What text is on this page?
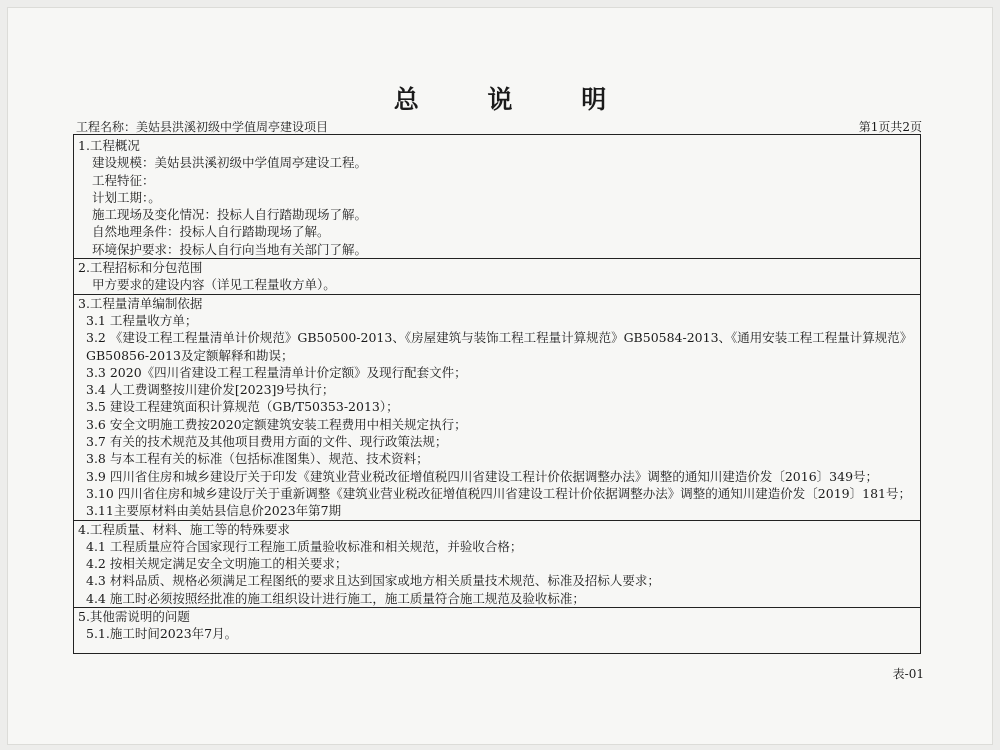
总 说 明
工程名称：美姑县洪溪初级中学值周亭建设项目	第1页共2页
1.工程概况
建设规模：美姑县洪溪初级中学值周亭建设工程。
工程特征：
计划工期：。
施工现场及变化情况：投标人自行踏勘现场了解。
自然地理条件：投标人自行踏勘现场了解。
环境保护要求：投标人自行向当地有关部门了解。
2.工程招标和分包范围
甲方要求的建设内容（详见工程量收方单）。
3.工程量清单编制依据
3.1 工程量收方单；
3.2 《建设工程工程量清单计价规范》GB50500-2013、《房屋建筑与装饰工程工程量计算规范》GB50584-2013、《通用安装工程工程量计算规范》GB50856-2013及定额解释和勘误；
3.3 2020《四川省建设工程工程量清单计价定额》及现行配套文件；
3.4 人工费调整按川建价发[2023]9号执行；
3.5 建设工程建筑面积计算规范（GB/T50353-2013）；
3.6 安全文明施工费按2020定额建筑安装工程费用中相关规定执行；
3.7 有关的技术规范及其他项目费用方面的文件、现行政策法规；
3.8 与本工程有关的标准（包括标准图集）、规范、技术资料；
3.9 四川省住房和城乡建设厅关于印发《建筑业营业税改征增值税四川省建设工程计价依据调整办法》调整的通知川建造价发〔2016〕349号；
3.10 四川省住房和城乡建设厅关于重新调整《建筑业营业税改征增值税四川省建设工程计价依据调整办法》调整的通知川建造价发〔2019〕181号；
3.11主要原材料由美姑县信息价2023年第7期
4.工程质量、材料、施工等的特殊要求
4.1 工程质量应符合国家现行工程施工质量验收标准和相关规范，并验收合格；
4.2 按相关规定满足安全文明施工的相关要求；
4.3 材料品质、规格必须满足工程图纸的要求且达到国家或地方相关质量技术规范、标准及招标人要求；
4.4 施工时必须按照经批准的施工组织设计进行施工，施工质量符合施工规范及验收标准；
5.其他需说明的问题
5.1.施工时间2023年7月。
表-01
